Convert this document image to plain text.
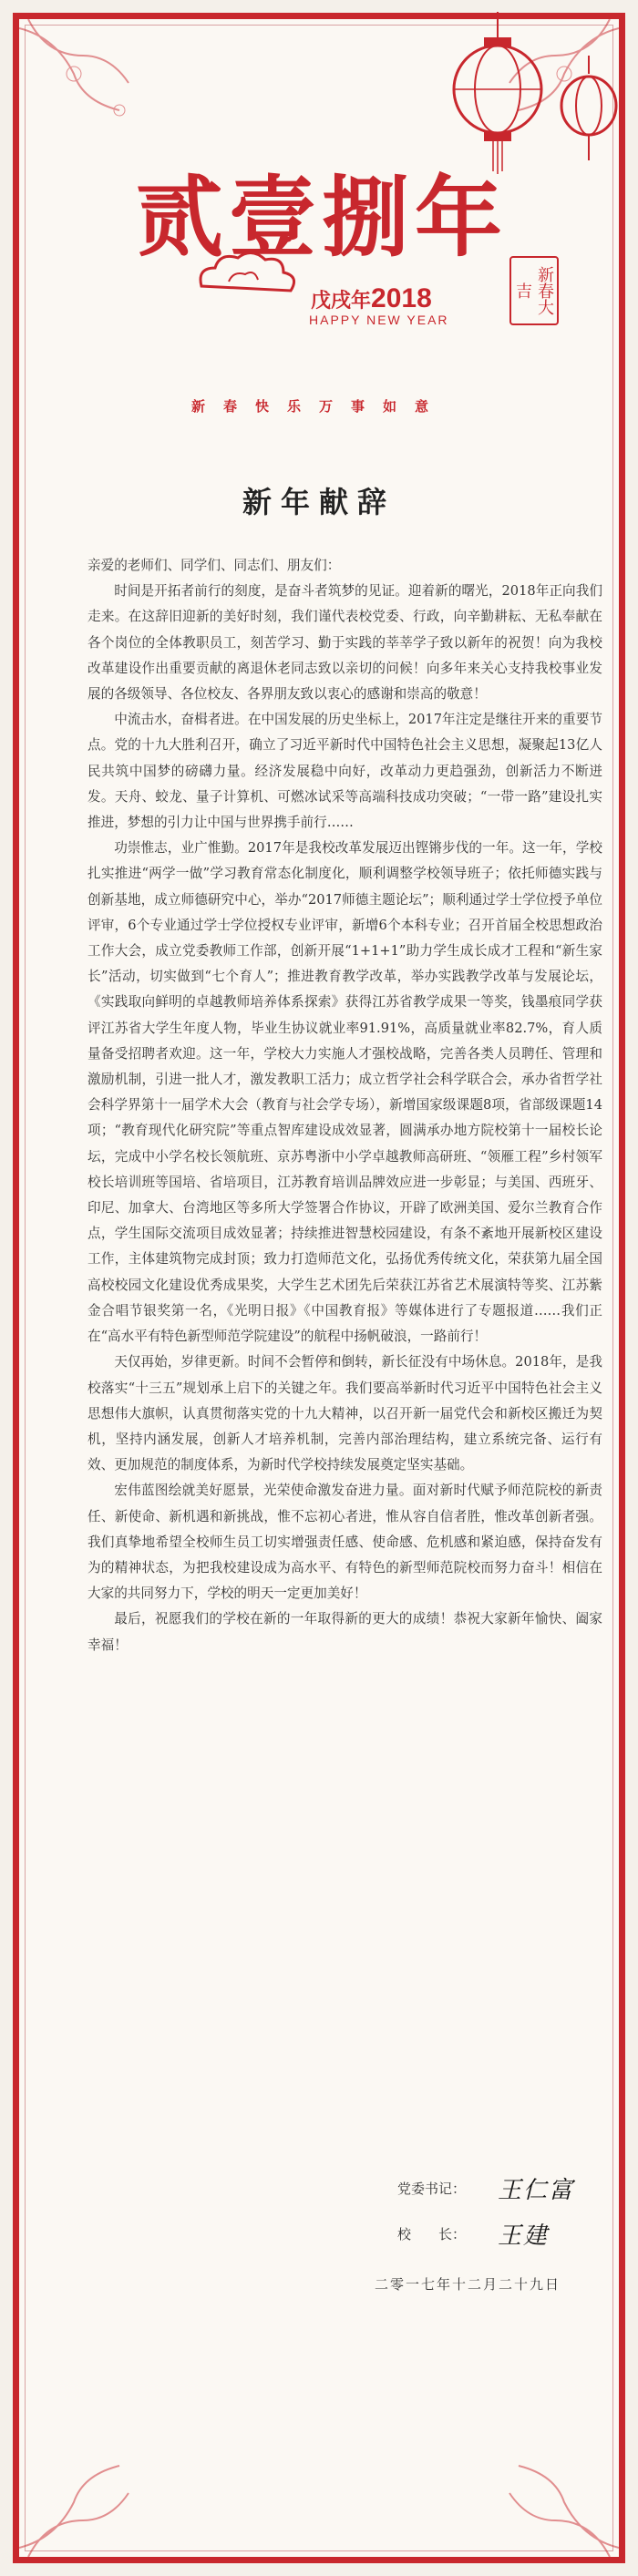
贰壹捌年
戊戌年2018
HAPPY NEW YEAR
新春大吉
新春快乐万事如意
新年献辞

亲爱的老师们、同学们、同志们、朋友们：

时间是开拓者前行的刻度，是奋斗者筑梦的见证。迎着新的曙光，2018年正向我们走来。在这辞旧迎新的美好时刻，我们谨代表校党委、行政，向辛勤耕耘、无私奉献在各个岗位的全体教职员工，刻苦学习、勤于实践的莘莘学子致以新年的祝贺！向为我校改革建设作出重要贡献的离退休老同志致以亲切的问候！向多年来关心支持我校事业发展的各级领导、各位校友、各界朋友致以衷心的感谢和崇高的敬意！

中流击水，奋楫者进。在中国发展的历史坐标上，2017年注定是继往开来的重要节点。党的十九大胜利召开，确立了习近平新时代中国特色社会主义思想，凝聚起13亿人民共筑中国梦的磅礴力量。经济发展稳中向好，改革动力更趋强劲，创新活力不断迸发。天舟、蛟龙、量子计算机、可燃冰试采等高端科技成功突破；“一带一路”建设扎实推进，梦想的引力让中国与世界携手前行……

功崇惟志，业广惟勤。2017年是我校改革发展迈出铿锵步伐的一年。这一年，学校扎实推进“两学一做”学习教育常态化制度化，顺利调整学校领导班子；依托师德实践与创新基地，成立师德研究中心，举办“2017师德主题论坛”；顺利通过学士学位授予单位评审，6个专业通过学士学位授权专业评审，新增6个本科专业；召开首届全校思想政治工作大会，成立党委教师工作部，创新开展“1+1+1”助力学生成长成才工程和“新生家长”活动，切实做到“七个育人”；推进教育教学改革，举办实践教学改革与发展论坛，《实践取向鲜明的卓越教师培养体系探索》获得江苏省教学成果一等奖，钱墨痕同学获评江苏省大学生年度人物，毕业生协议就业率91.91%，高质量就业率82.7%，育人质量备受招聘者欢迎。这一年，学校大力实施人才强校战略，完善各类人员聘任、管理和激励机制，引进一批人才，激发教职工活力；成立哲学社会科学联合会，承办省哲学社会科学界第十一届学术大会（教育与社会学专场），新增国家级课题8项，省部级课题14项；“教育现代化研究院”等重点智库建设成效显著，圆满承办地方院校第十一届校长论坛，完成中小学名校长领航班、京苏粤浙中小学卓越教师高研班、“领雁工程”乡村领军校长培训班等国培、省培项目，江苏教育培训品牌效应进一步彰显；与美国、西班牙、印尼、加拿大、台湾地区等多所大学签署合作协议，开辟了欧洲美国、爱尔兰教育合作点，学生国际交流项目成效显著；持续推进智慧校园建设，有条不紊地开展新校区建设工作，主体建筑物完成封顶；致力打造师范文化，弘扬优秀传统文化，荣获第九届全国高校校园文化建设优秀成果奖，大学生艺术团先后荣获江苏省艺术展演特等奖、江苏紫金合唱节银奖第一名，《光明日报》《中国教育报》等媒体进行了专题报道……我们正在“高水平有特色新型师范学院建设”的航程中扬帆破浪，一路前行！

天仅再始，岁律更新。时间不会暂停和倒转，新长征没有中场休息。2018年，是我校落实“十三五”规划承上启下的关键之年。我们要高举新时代习近平中国特色社会主义思想伟大旗帜，认真贯彻落实党的十九大精神，以召开新一届党代会和新校区搬迁为契机，坚持内涵发展，创新人才培养机制，完善内部治理结构，建立系统完备、运行有效、更加规范的制度体系，为新时代学校持续发展奠定坚实基础。

宏伟蓝图绘就美好愿景，光荣使命激发奋进力量。面对新时代赋予师范院校的新责任、新使命、新机遇和新挑战，惟不忘初心者进，惟从容自信者胜，惟改革创新者强。我们真挚地希望全校师生员工切实增强责任感、使命感、危机感和紧迫感，保持奋发有为的精神状态，为把我校建设成为高水平、有特色的新型师范院校而努力奋斗！相信在大家的共同努力下，学校的明天一定更加美好！

最后，祝愿我们的学校在新的一年取得新的更大的成绩！恭祝大家新年愉快、阖家幸福！

党委书记：	王仁富
校　　长：	王建
二零一七年十二月二十九日
